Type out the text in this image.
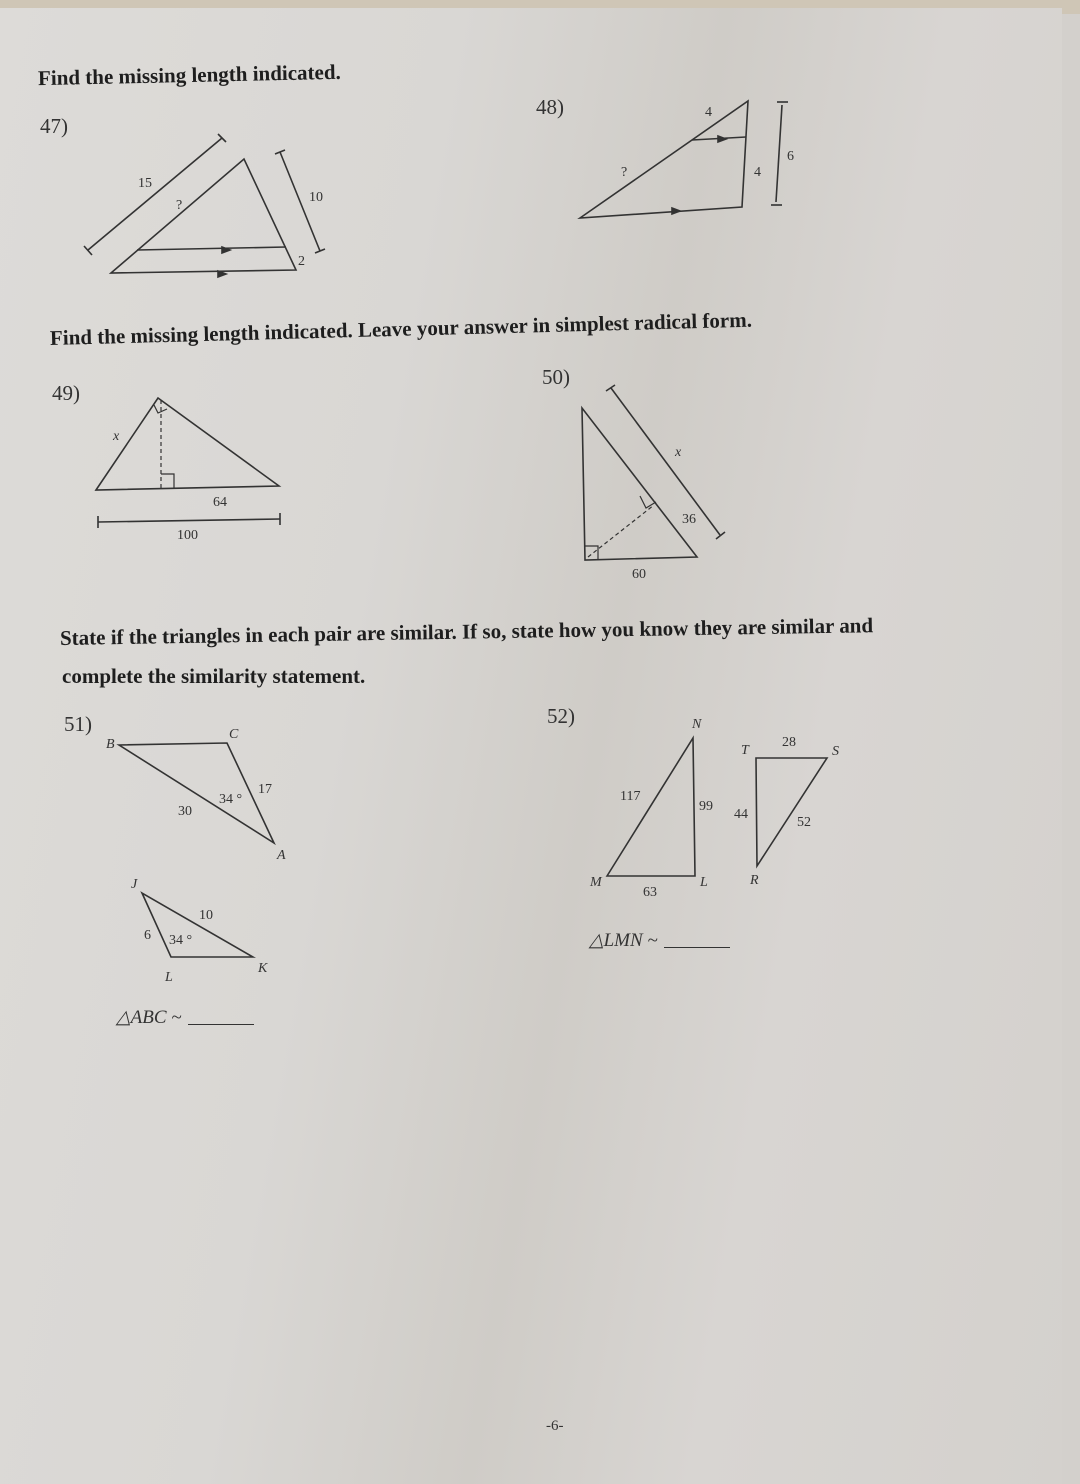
Find the missing length indicated.
47)
15
?
10
2
48)	4
?	4
6
Find the missing length indicated. Leave your answer in simplest radical form.
49)
x
64
100
50)
x
36
60
State if the triangles in each pair are similar. If so, state how you know they are similar and
complete the similarity statement.
51)
B
C
A
30
17
34 °
J
L
K
6
10
34 °
△ABC ~
52)	N
M	L
117
99
63
T	S
R
28
44
52
△LMN ~
-6-
